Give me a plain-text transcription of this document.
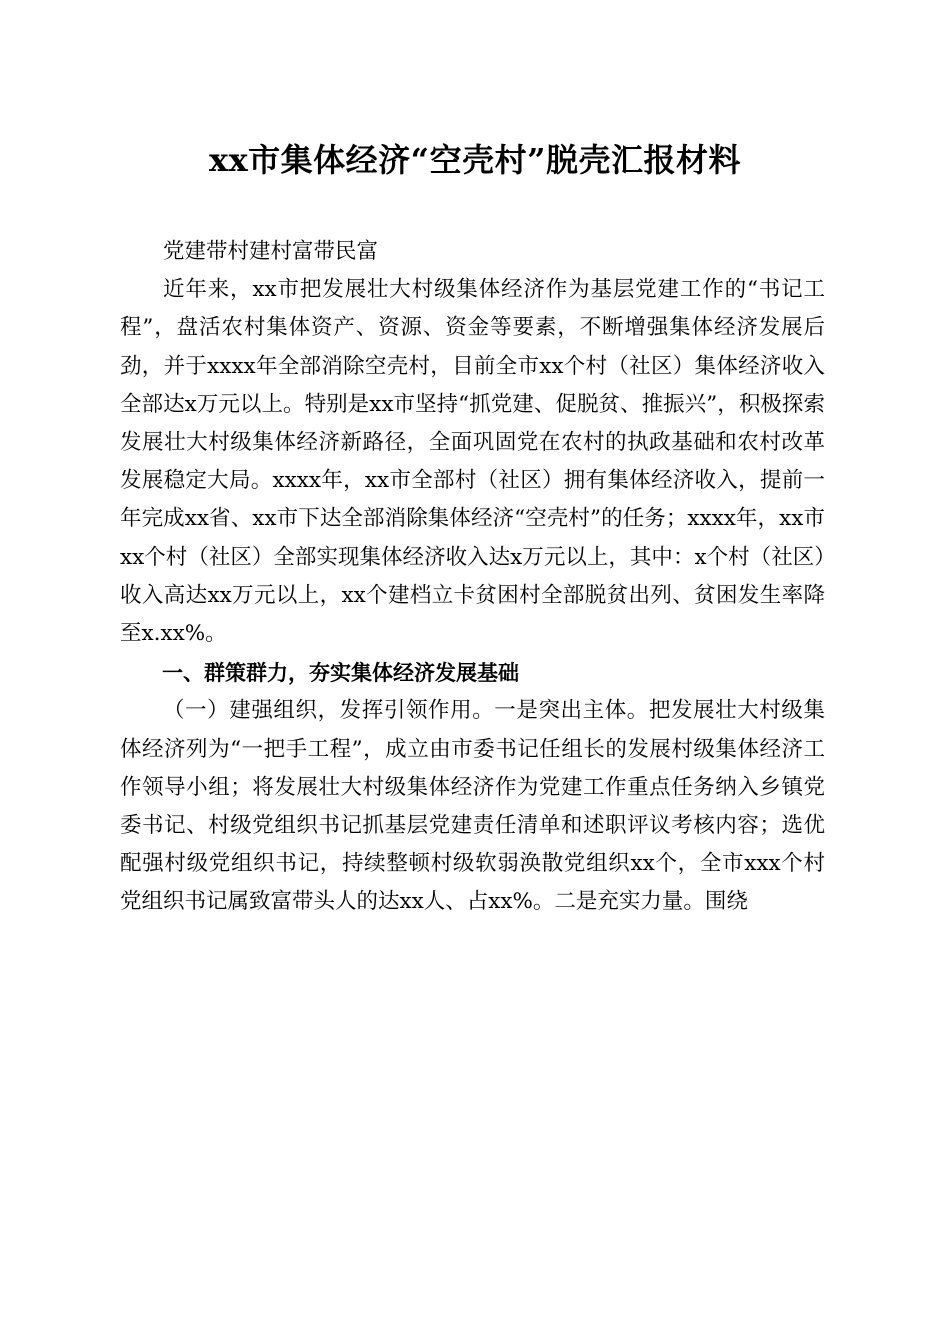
xx市集体经济“空壳村”脱壳汇报材料

党建带村建村富带民富

近年来，xx市把发展壮大村级集体经济作为基层党建工作的“书记工程”，盘活农村集体资产、资源、资金等要素，不断增强集体经济发展后劲，并于xxxx年全部消除空壳村，目前全市xx个村（社区）集体经济收入全部达x万元以上。特别是xx市坚持“抓党建、促脱贫、推振兴”，积极探索发展壮大村级集体经济新路径，全面巩固党在农村的执政基础和农村改革发展稳定大局。xxxx年，xx市全部村（社区）拥有集体经济收入，提前一年完成xx省、xx市下达全部消除集体经济“空壳村”的任务；xxxx年，xx市xx个村（社区）全部实现集体经济收入达x万元以上，其中：x个村（社区）收入高达xx万元以上，xx个建档立卡贫困村全部脱贫出列、贫困发生率降至x.xx%。

一、群策群力，夯实集体经济发展基础

（一）建强组织，发挥引领作用。一是突出主体。把发展壮大村级集体经济列为“一把手工程”，成立由市委书记任组长的发展村级集体经济工作领导小组；将发展壮大村级集体经济作为党建工作重点任务纳入乡镇党委书记、村级党组织书记抓基层党建责任清单和述职评议考核内容；选优配强村级党组织书记，持续整顿村级软弱涣散党组织xx个，全市xxx个村党组织书记属致富带头人的达xx人、占xx%。二是充实力量。围绕
